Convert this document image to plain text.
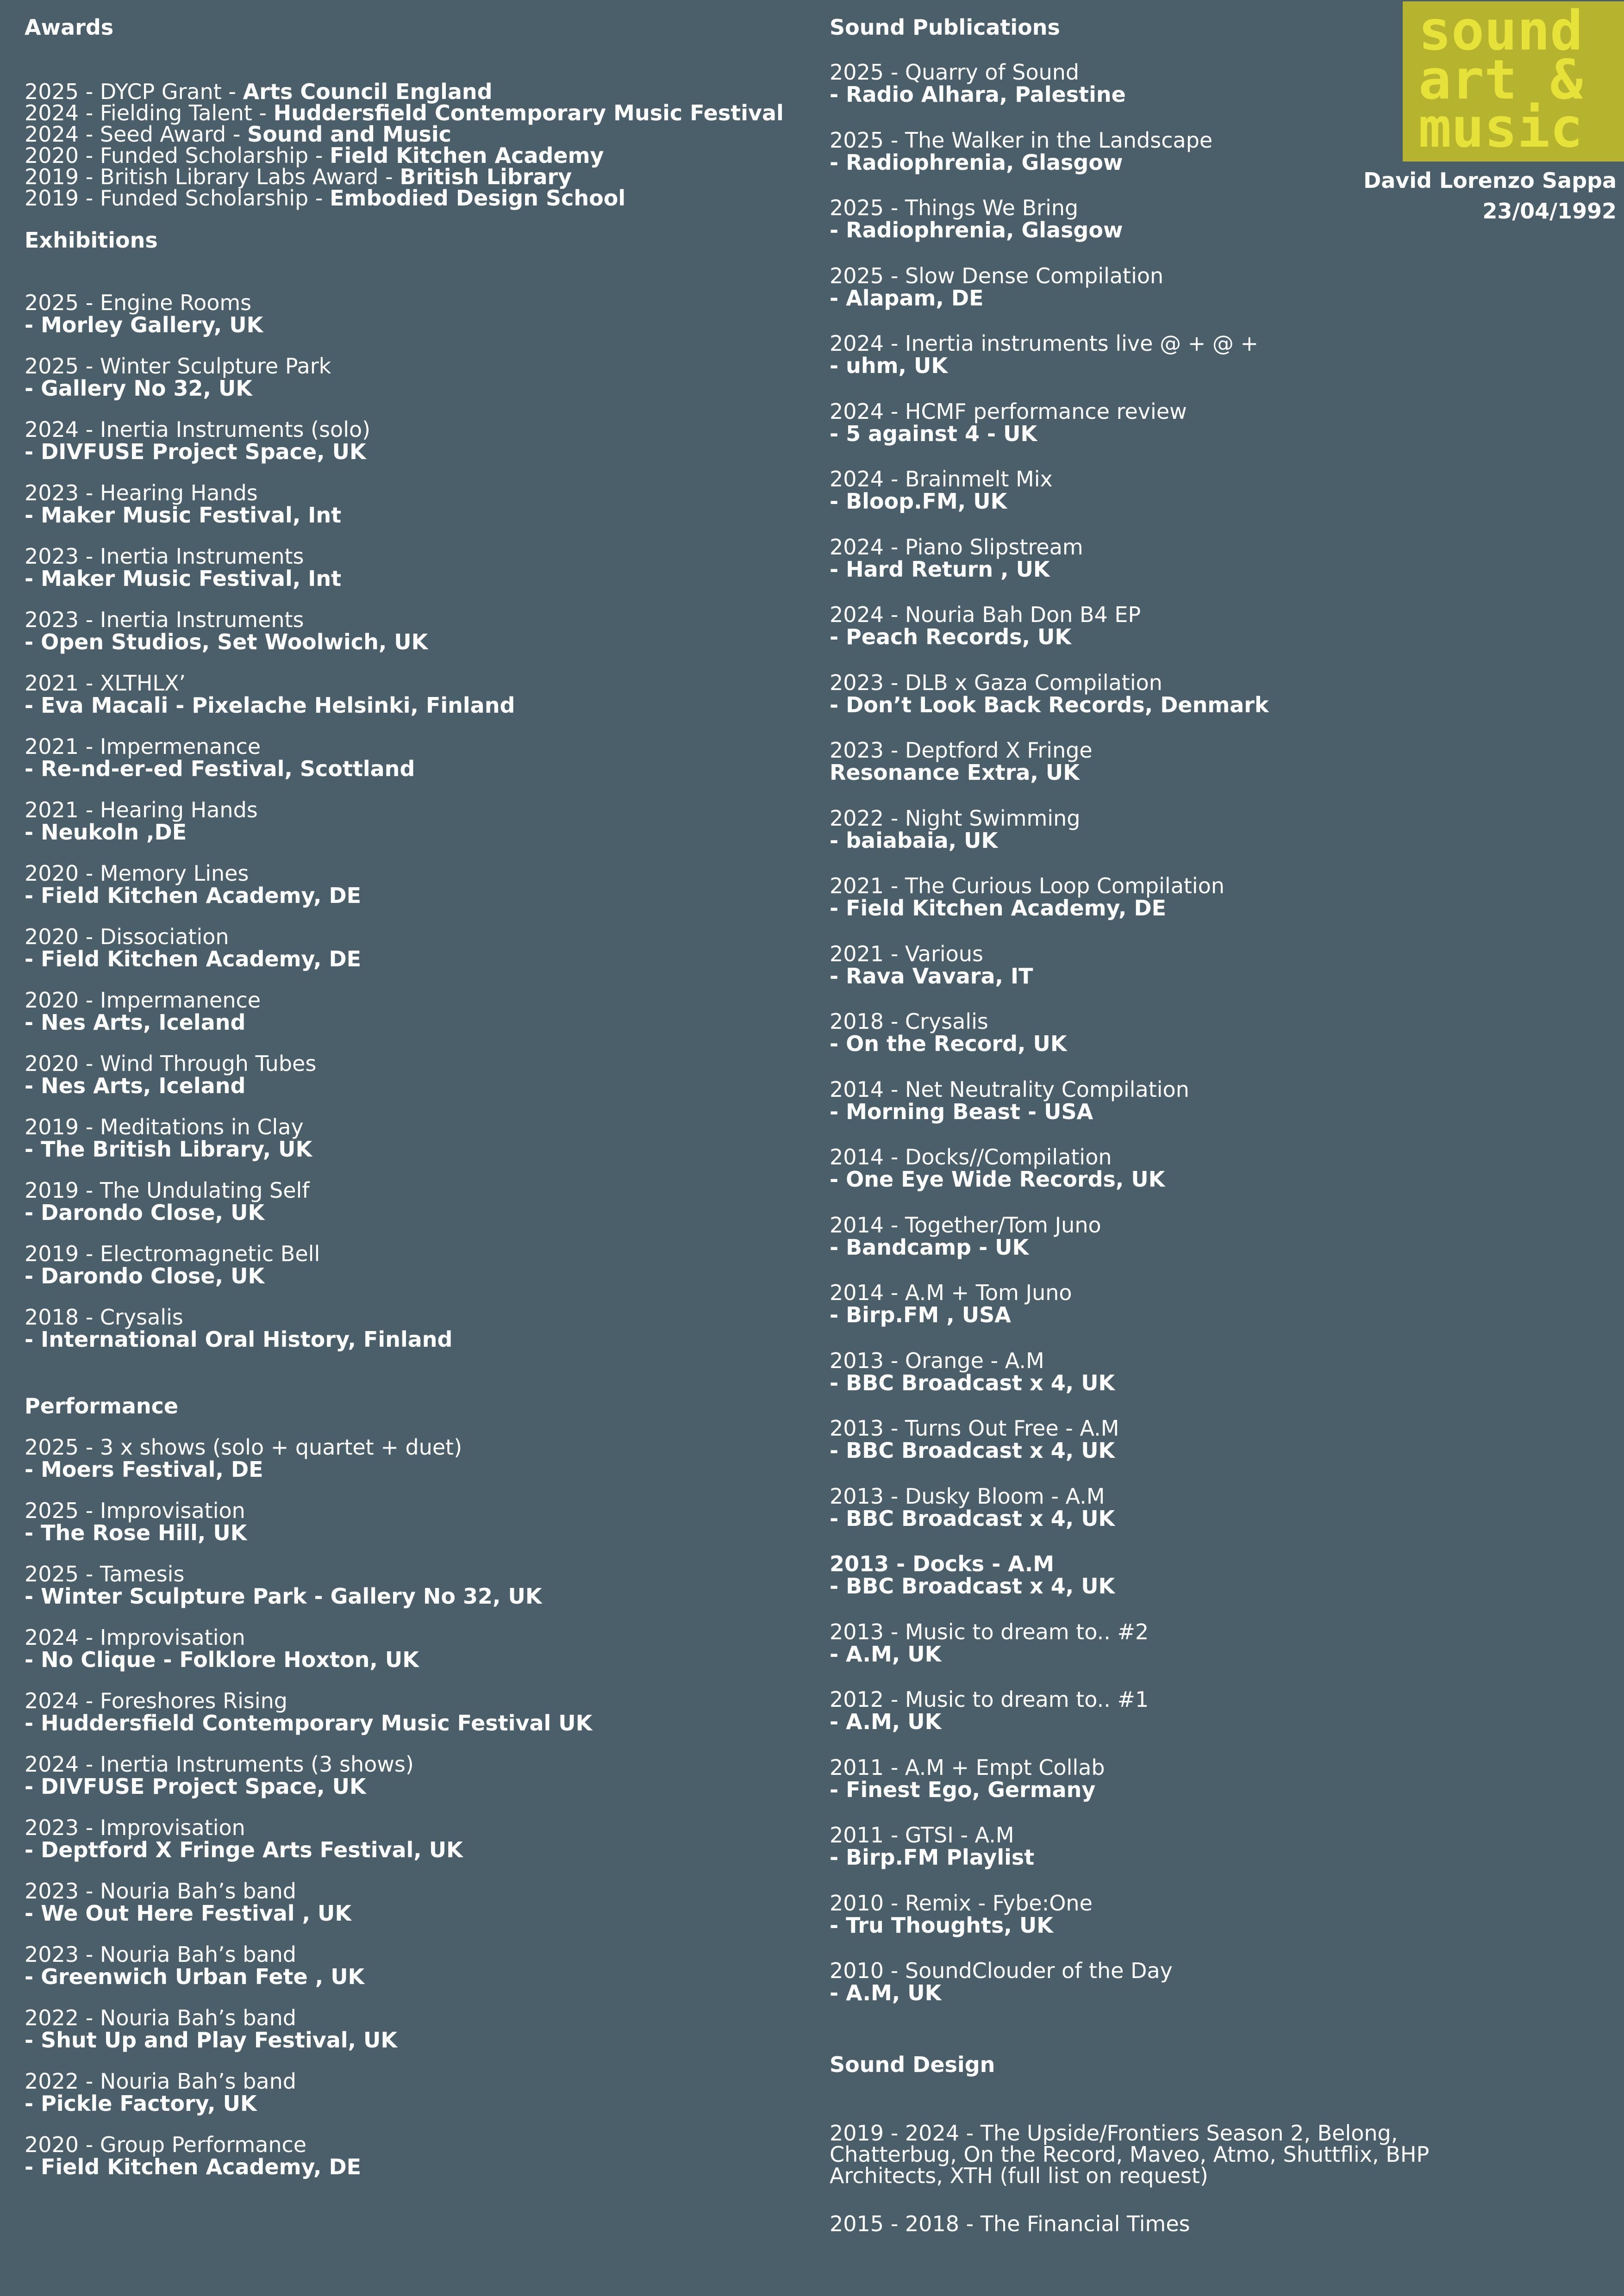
sound
art &
music
David Lorenzo Sappa
23/04/1992
Awards
2025 - DYCP Grant - Arts Council England
2024 - Fielding Talent - Huddersfield Contemporary Music Festival
2024 - Seed Award - Sound and Music
2020 - Funded Scholarship - Field Kitchen Academy
2019 - British Library Labs Award - British Library
2019 - Funded Scholarship - Embodied Design School
Exhibitions
2025 - Engine Rooms
- Morley Gallery, UK
2025 - Winter Sculpture Park
- Gallery No 32, UK
2024 - Inertia Instruments (solo)
- DIVFUSE Project Space, UK
2023 - Hearing Hands
- Maker Music Festival, Int
2023 - Inertia Instruments
- Maker Music Festival, Int
2023 - Inertia Instruments
- Open Studios, Set Woolwich, UK
2021 - XLTHLX’
- Eva Macali - Pixelache Helsinki, Finland
2021 - Impermenance
- Re-nd-er-ed Festival, Scottland
2021 - Hearing Hands
- Neukoln ,DE
2020 - Memory Lines
- Field Kitchen Academy, DE
2020 - Dissociation
- Field Kitchen Academy, DE
2020 - Impermanence
- Nes Arts, Iceland
2020 - Wind Through Tubes
- Nes Arts, Iceland
2019 - Meditations in Clay
- The British Library, UK
2019 - The Undulating Self
- Darondo Close, UK
2019 - Electromagnetic Bell
- Darondo Close, UK
2018 - Crysalis
- International Oral History, Finland
Performance
2025 - 3 x shows (solo + quartet + duet)
- Moers Festival, DE
2025 - Improvisation
- The Rose Hill, UK
2025 - Tamesis
- Winter Sculpture Park - Gallery No 32, UK
2024 - Improvisation
- No Clique - Folklore Hoxton, UK
2024 - Foreshores Rising
- Huddersfield Contemporary Music Festival UK
2024 - Inertia Instruments (3 shows)
- DIVFUSE Project Space, UK
2023 - Improvisation
- Deptford X Fringe Arts Festival, UK
2023 - Nouria Bah’s band
- We Out Here Festival , UK
2023 - Nouria Bah’s band
- Greenwich Urban Fete , UK
2022 - Nouria Bah’s band
- Shut Up and Play Festival, UK
2022 - Nouria Bah’s band
- Pickle Factory, UK
2020 - Group Performance
- Field Kitchen Academy, DE
Sound Publications
2025 - Quarry of Sound
- Radio Alhara, Palestine
2025 - The Walker in the Landscape
- Radiophrenia, Glasgow
2025 - Things We Bring
- Radiophrenia, Glasgow
2025 - Slow Dense Compilation
- Alapam, DE
2024 - Inertia instruments live @ + @ +
- uhm, UK
2024 - HCMF performance review
- 5 against 4 - UK
2024 - Brainmelt Mix
- Bloop.FM, UK
2024 - Piano Slipstream
- Hard Return , UK
2024 - Nouria Bah Don B4 EP
- Peach Records, UK
2023 - DLB x Gaza Compilation
- Don’t Look Back Records, Denmark
2023 - Deptford X Fringe
Resonance Extra, UK
2022 - Night Swimming
- baiabaia, UK
2021 - The Curious Loop Compilation
- Field Kitchen Academy, DE
2021 - Various
- Rava Vavara, IT
2018 - Crysalis
- On the Record, UK
2014 - Net Neutrality Compilation
- Morning Beast - USA
2014 - Docks//Compilation
- One Eye Wide Records, UK
2014 - Together/Tom Juno
- Bandcamp - UK
2014 - A.M + Tom Juno
- Birp.FM , USA
2013 - Orange - A.M
- BBC Broadcast x 4, UK
2013 - Turns Out Free - A.M
- BBC Broadcast x 4, UK
2013 - Dusky Bloom - A.M
- BBC Broadcast x 4, UK
2013 - Docks - A.M
- BBC Broadcast x 4, UK
2013 - Music to dream to.. #2
- A.M, UK
2012 - Music to dream to.. #1
- A.M, UK
2011 - A.M + Empt Collab
- Finest Ego, Germany
2011 - GTSI - A.M
- Birp.FM Playlist
2010 - Remix - Fybe:One
- Tru Thoughts, UK
2010 - SoundClouder of the Day
- A.M, UK
Sound Design
2019 - 2024 - The Upside/Frontiers Season 2, Belong, Chatterbug, On the Record, Maveo, Atmo, Shuttflix, BHP Architects, XTH (full list on request)
2015 - 2018 - The Financial Times
